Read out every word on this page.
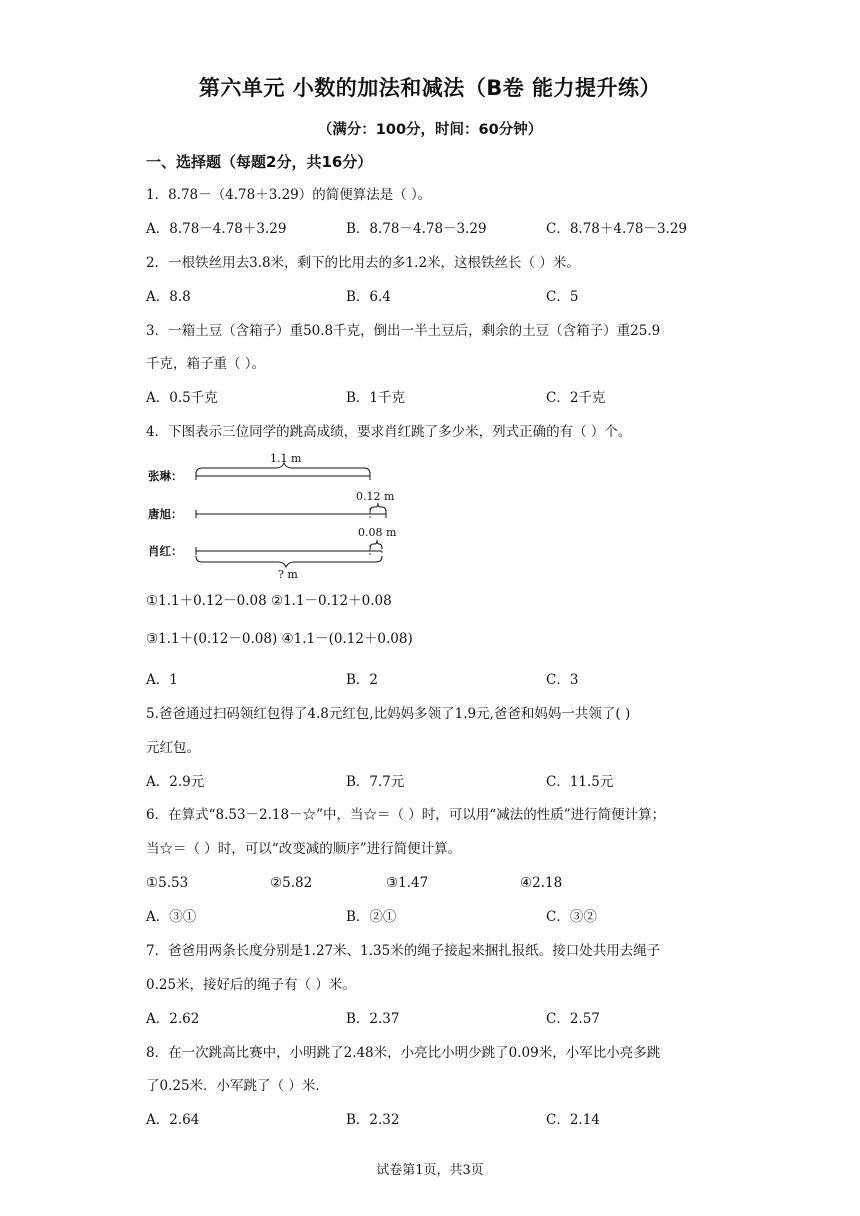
第六单元 小数的加法和减法（B卷 能力提升练）
（满分：100分，时间：60分钟）
一、选择题（每题2分，共16分）
1．8.78－（4.78＋3.29）的简便算法是（ ）。
A．8.78－4.78＋3.29	B．8.78－4.78－3.29	C．8.78＋4.78－3.29
2．一根铁丝用去3.8米，剩下的比用去的多1.2米，这根铁丝长（ ）米。
A．8.8	B．6.4	C．5
3．一箱土豆（含箱子）重50.8千克，倒出一半土豆后，剩余的土豆（含箱子）重25.9
千克，箱子重（ ）。
A．0.5千克	B．1千克	C．2千克
4．下图表示三位同学的跳高成绩，要求肖红跳了多少米，列式正确的有（ ）个。
张琳：
1.1 m
唐旭：
0.12 m
肖红：
0.08 m
? m
①1.1＋0.12－0.08 ②1.1－0.12＋0.08
③1.1＋(0.12－0.08) ④1.1－(0.12＋0.08)
A．1	B．2	C．3
5.爸爸通过扫码领红包得了4.8元红包,比妈妈多领了1.9元,爸爸和妈妈一共领了( )
元红包。
A．2.9元	B．7.7元	C．11.5元
6．在算式“8.53－2.18－☆”中，当☆＝（ ）时，可以用“减法的性质”进行简便计算；
当☆＝（ ）时，可以“改变减的顺序”进行简便计算。
①5.53	②5.82	③1.47	④2.18
A．③①	B．②①	C．③②
7．爸爸用两条长度分别是1.27米、1.35米的绳子接起来捆扎报纸。接口处共用去绳子
0.25米，接好后的绳子有（ ）米。
A．2.62	B．2.37	C．2.57
8．在一次跳高比赛中，小明跳了2.48米，小亮比小明少跳了0.09米，小军比小亮多跳
了0.25米．小军跳了（ ）米．
A．2.64	B．2.32	C．2.14
试卷第1页，共3页
